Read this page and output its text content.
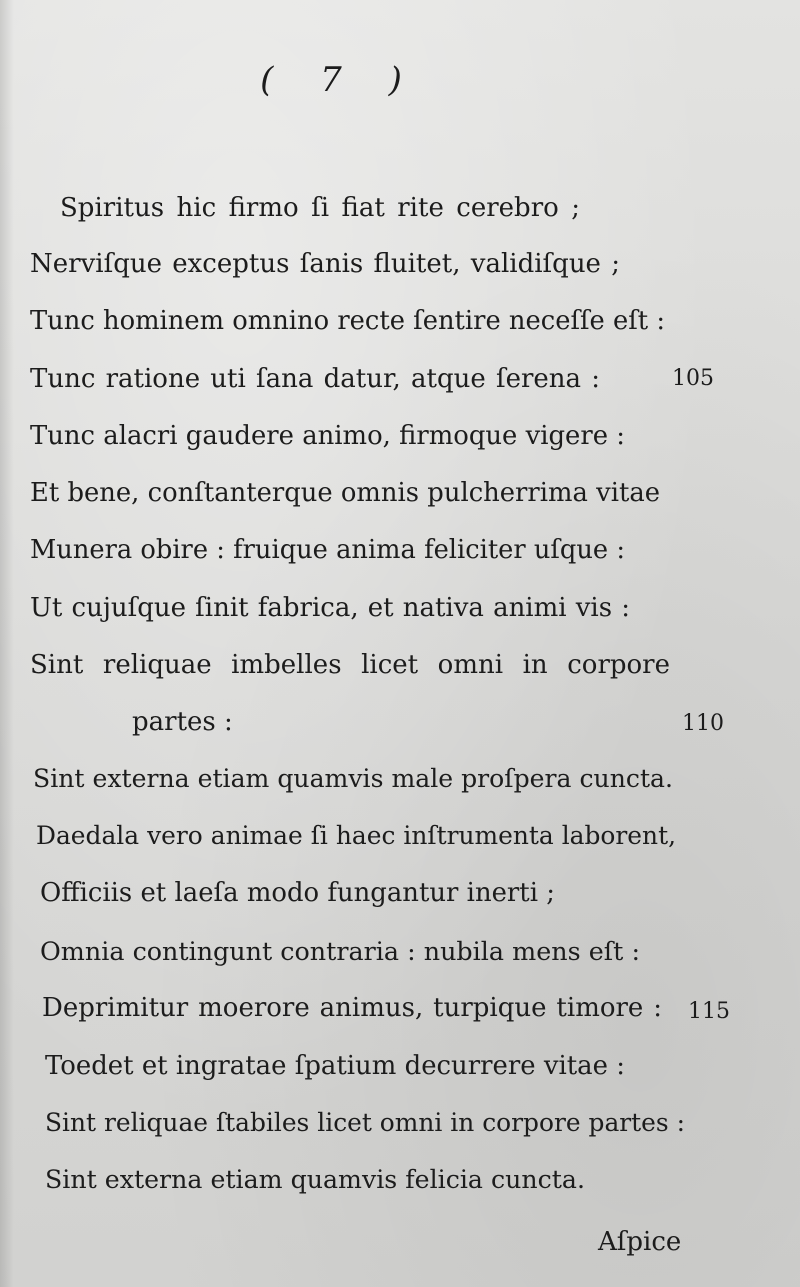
( 7 )
Spiritus hic firmo ſi fiat rite cerebro ;
Nerviſque exceptus ſanis fluitet, validiſque ;
Tunc hominem omnino recte ſentire neceſſe eſt :
Tunc ratione uti ſana datur, atque ſerena :	105
Tunc alacri gaudere animo, firmoque vigere :
Et bene, conſtanterque omnis pulcherrima vitae
Munera obire : fruique anima feliciter uſque :
Ut cujuſque ſinit fabrica, et nativa animi vis :
Sint reliquae imbelles licet omni in corpore
partes :	110
Sint externa etiam quamvis male proſpera cuncta.
Daedala vero animae ſi haec inſtrumenta laborent,
Officiis et laeſa modo fungantur inerti ;
Omnia contingunt contraria : nubila mens eſt :
Deprimitur moerore animus, turpique timore : 115
Toedet et ingratae ſpatium decurrere vitae :
Sint reliquae ſtabiles licet omni in corpore partes :
Sint externa etiam quamvis felicia cuncta.
Aſpice
